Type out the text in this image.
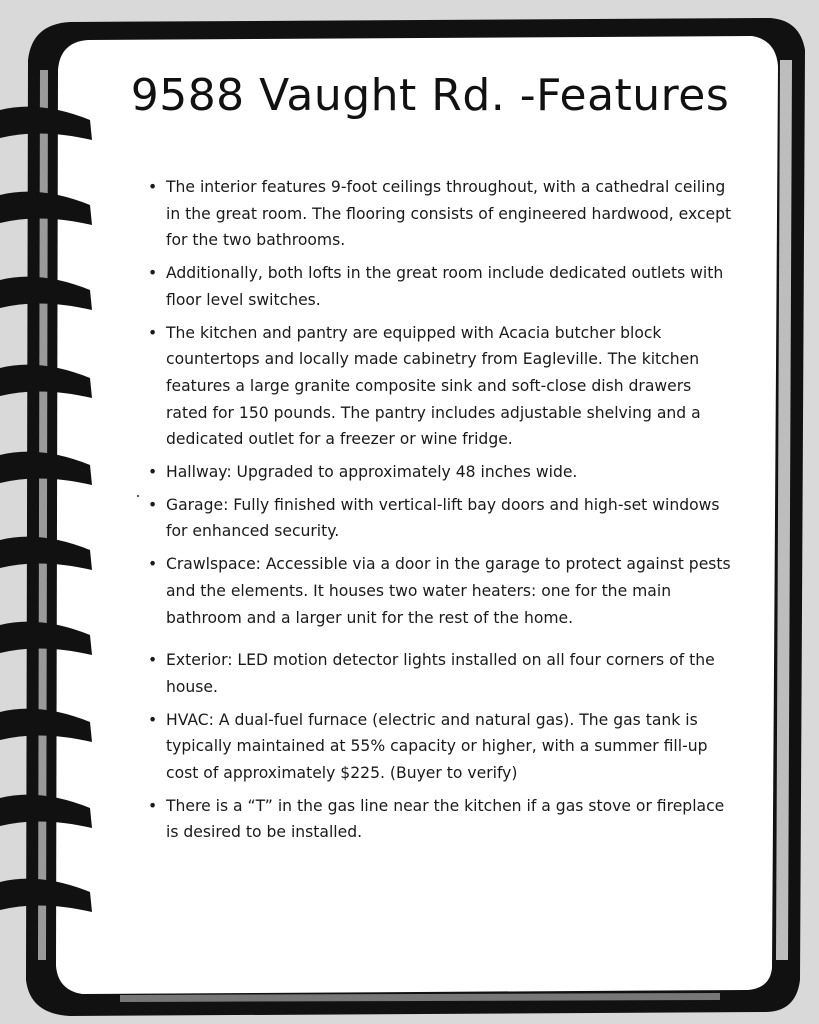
9588 Vaught Rd. -Features
• The interior features 9-foot ceilings throughout, with a cathedral ceiling in the great room. The flooring consists of engineered hardwood, except for the two bathrooms.
• Additionally, both lofts in the great room include dedicated outlets with floor level switches.
• The kitchen and pantry are equipped with Acacia butcher block countertops and locally made cabinetry from Eagleville. The kitchen features a large granite composite sink and soft-close dish drawers rated for 150 pounds. The pantry includes adjustable shelving and a dedicated outlet for a freezer or wine fridge.
• Hallway: Upgraded to approximately 48 inches wide.
• Garage: Fully finished with vertical-lift bay doors and high-set windows for enhanced security.
• Crawlspace: Accessible via a door in the garage to protect against pests and the elements. It houses two water heaters: one for the main bathroom and a larger unit for the rest of the home.
• Exterior: LED motion detector lights installed on all four corners of the house.
• HVAC: A dual-fuel furnace (electric and natural gas). The gas tank is typically maintained at 55% capacity or higher, with a summer fill-up cost of approximately $225. (Buyer to verify)
• There is a “T” in the gas line near the kitchen if a gas stove or fireplace is desired to be installed.
